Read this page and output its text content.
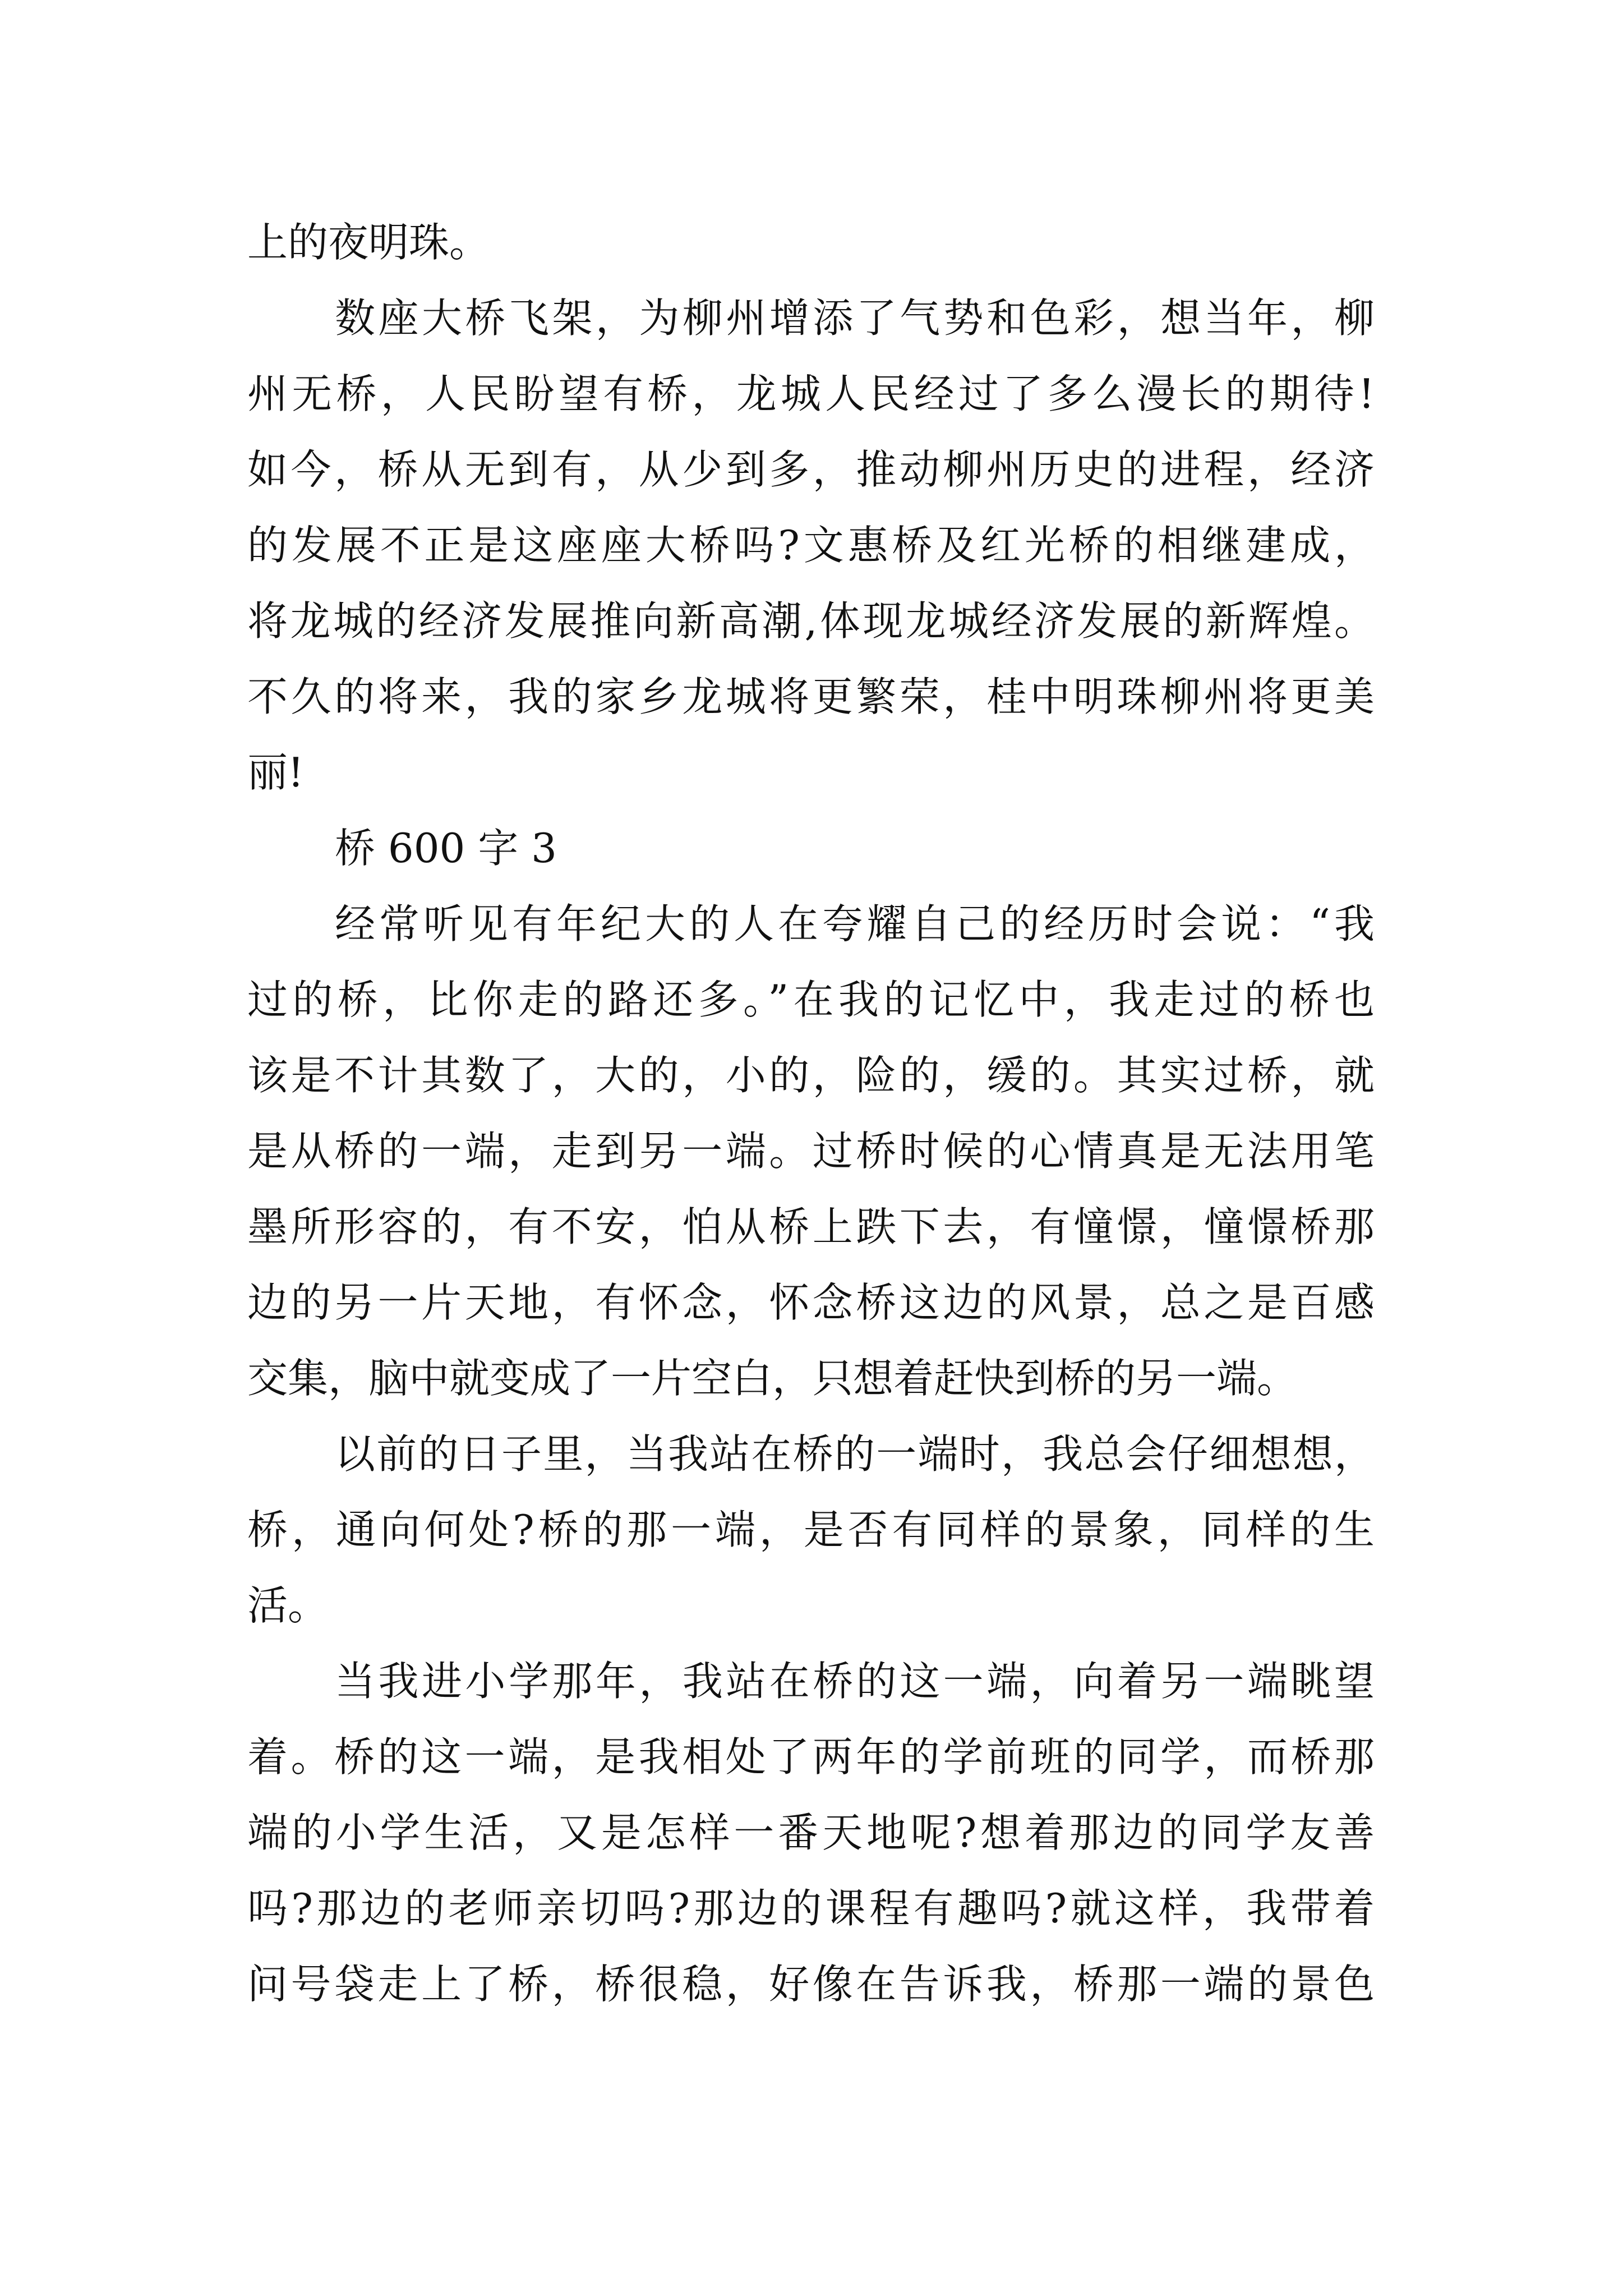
上的夜明珠。
数座大桥飞架，为柳州增添了气势和色彩，想当年，柳
州无桥，人民盼望有桥，龙城人民经过了多么漫长的期待!
如今，桥从无到有，从少到多，推动柳州历史的进程，经济
的发展不正是这座座大桥吗?文惠桥及红光桥的相继建成，
将龙城的经济发展推向新高潮,体现龙城经济发展的新辉煌。
不久的将来，我的家乡龙城将更繁荣，桂中明珠柳州将更美
丽!
桥 600 字 3
经常听见有年纪大的人在夸耀自己的经历时会说：“我
过的桥，比你走的路还多。”在我的记忆中，我走过的桥也
该是不计其数了，大的，小的，险的，缓的。其实过桥，就
是从桥的一端，走到另一端。过桥时候的心情真是无法用笔
墨所形容的，有不安，怕从桥上跌下去，有憧憬，憧憬桥那
边的另一片天地，有怀念，怀念桥这边的风景，总之是百感
交集，脑中就变成了一片空白，只想着赶快到桥的另一端。
以前的日子里，当我站在桥的一端时，我总会仔细想想，
桥，通向何处?桥的那一端，是否有同样的景象，同样的生
活。
当我进小学那年，我站在桥的这一端，向着另一端眺望
着。桥的这一端，是我相处了两年的学前班的同学，而桥那
端的小学生活，又是怎样一番天地呢?想着那边的同学友善
吗?那边的老师亲切吗?那边的课程有趣吗?就这样，我带着
问号袋走上了桥，桥很稳，好像在告诉我，桥那一端的景色
